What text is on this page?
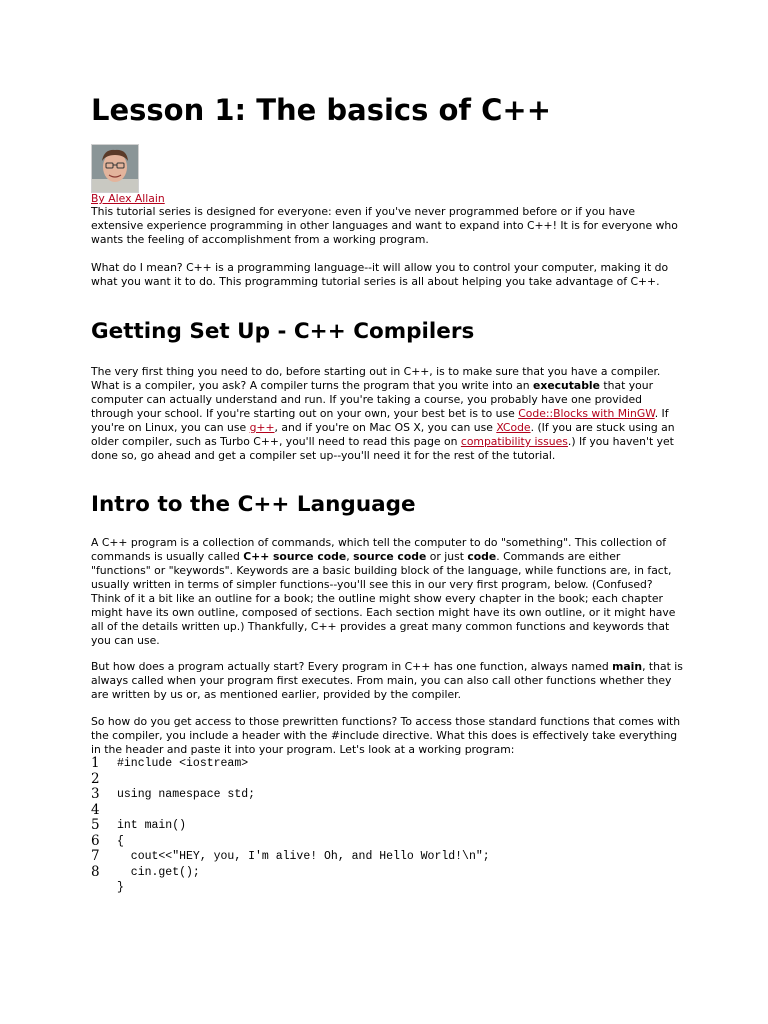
Lesson 1: The basics of C++
By Alex Allain

This tutorial series is designed for everyone: even if you've never programmed before or if you have extensive experience programming in other languages and want to expand into C++! It is for everyone who wants the feeling of accomplishment from a working program.

What do I mean? C++ is a programming language--it will allow you to control your computer, making it do what you want it to do. This programming tutorial series is all about helping you take advantage of C++.

Getting Set Up - C++ Compilers

The very first thing you need to do, before starting out in C++, is to make sure that you have a compiler. What is a compiler, you ask? A compiler turns the program that you write into an executable that your computer can actually understand and run. If you're taking a course, you probably have one provided through your school. If you're starting out on your own, your best bet is to use Code::Blocks with MinGW. If you're on Linux, you can use g++, and if you're on Mac OS X, you can use XCode. (If you are stuck using an older compiler, such as Turbo C++, you'll need to read this page on compatibility issues.) If you haven't yet done so, go ahead and get a compiler set up--you'll need it for the rest of the tutorial.

Intro to the C++ Language

A C++ program is a collection of commands, which tell the computer to do "something". This collection of commands is usually called C++ source code, source code or just code. Commands are either "functions" or "keywords". Keywords are a basic building block of the language, while functions are, in fact, usually written in terms of simpler functions--you'll see this in our very first program, below. (Confused? Think of it a bit like an outline for a book; the outline might show every chapter in the book; each chapter might have its own outline, composed of sections. Each section might have its own outline, or it might have all of the details written up.) Thankfully, C++ provides a great many common functions and keywords that you can use.

But how does a program actually start? Every program in C++ has one function, always named main, that is always called when your program first executes. From main, you can also call other functions whether they are written by us or, as mentioned earlier, provided by the compiler.

So how do you get access to those prewritten functions? To access those standard functions that comes with the compiler, you include a header with the #include directive. What this does is effectively take everything in the header and paste it into your program. Let's look at a working program:

1	#include <iostream>
2
3	using namespace std;
4
5	int main()
6	{
7	cout<<"HEY, you, I'm alive! Oh, and Hello World!\n";
8	cin.get();
}
